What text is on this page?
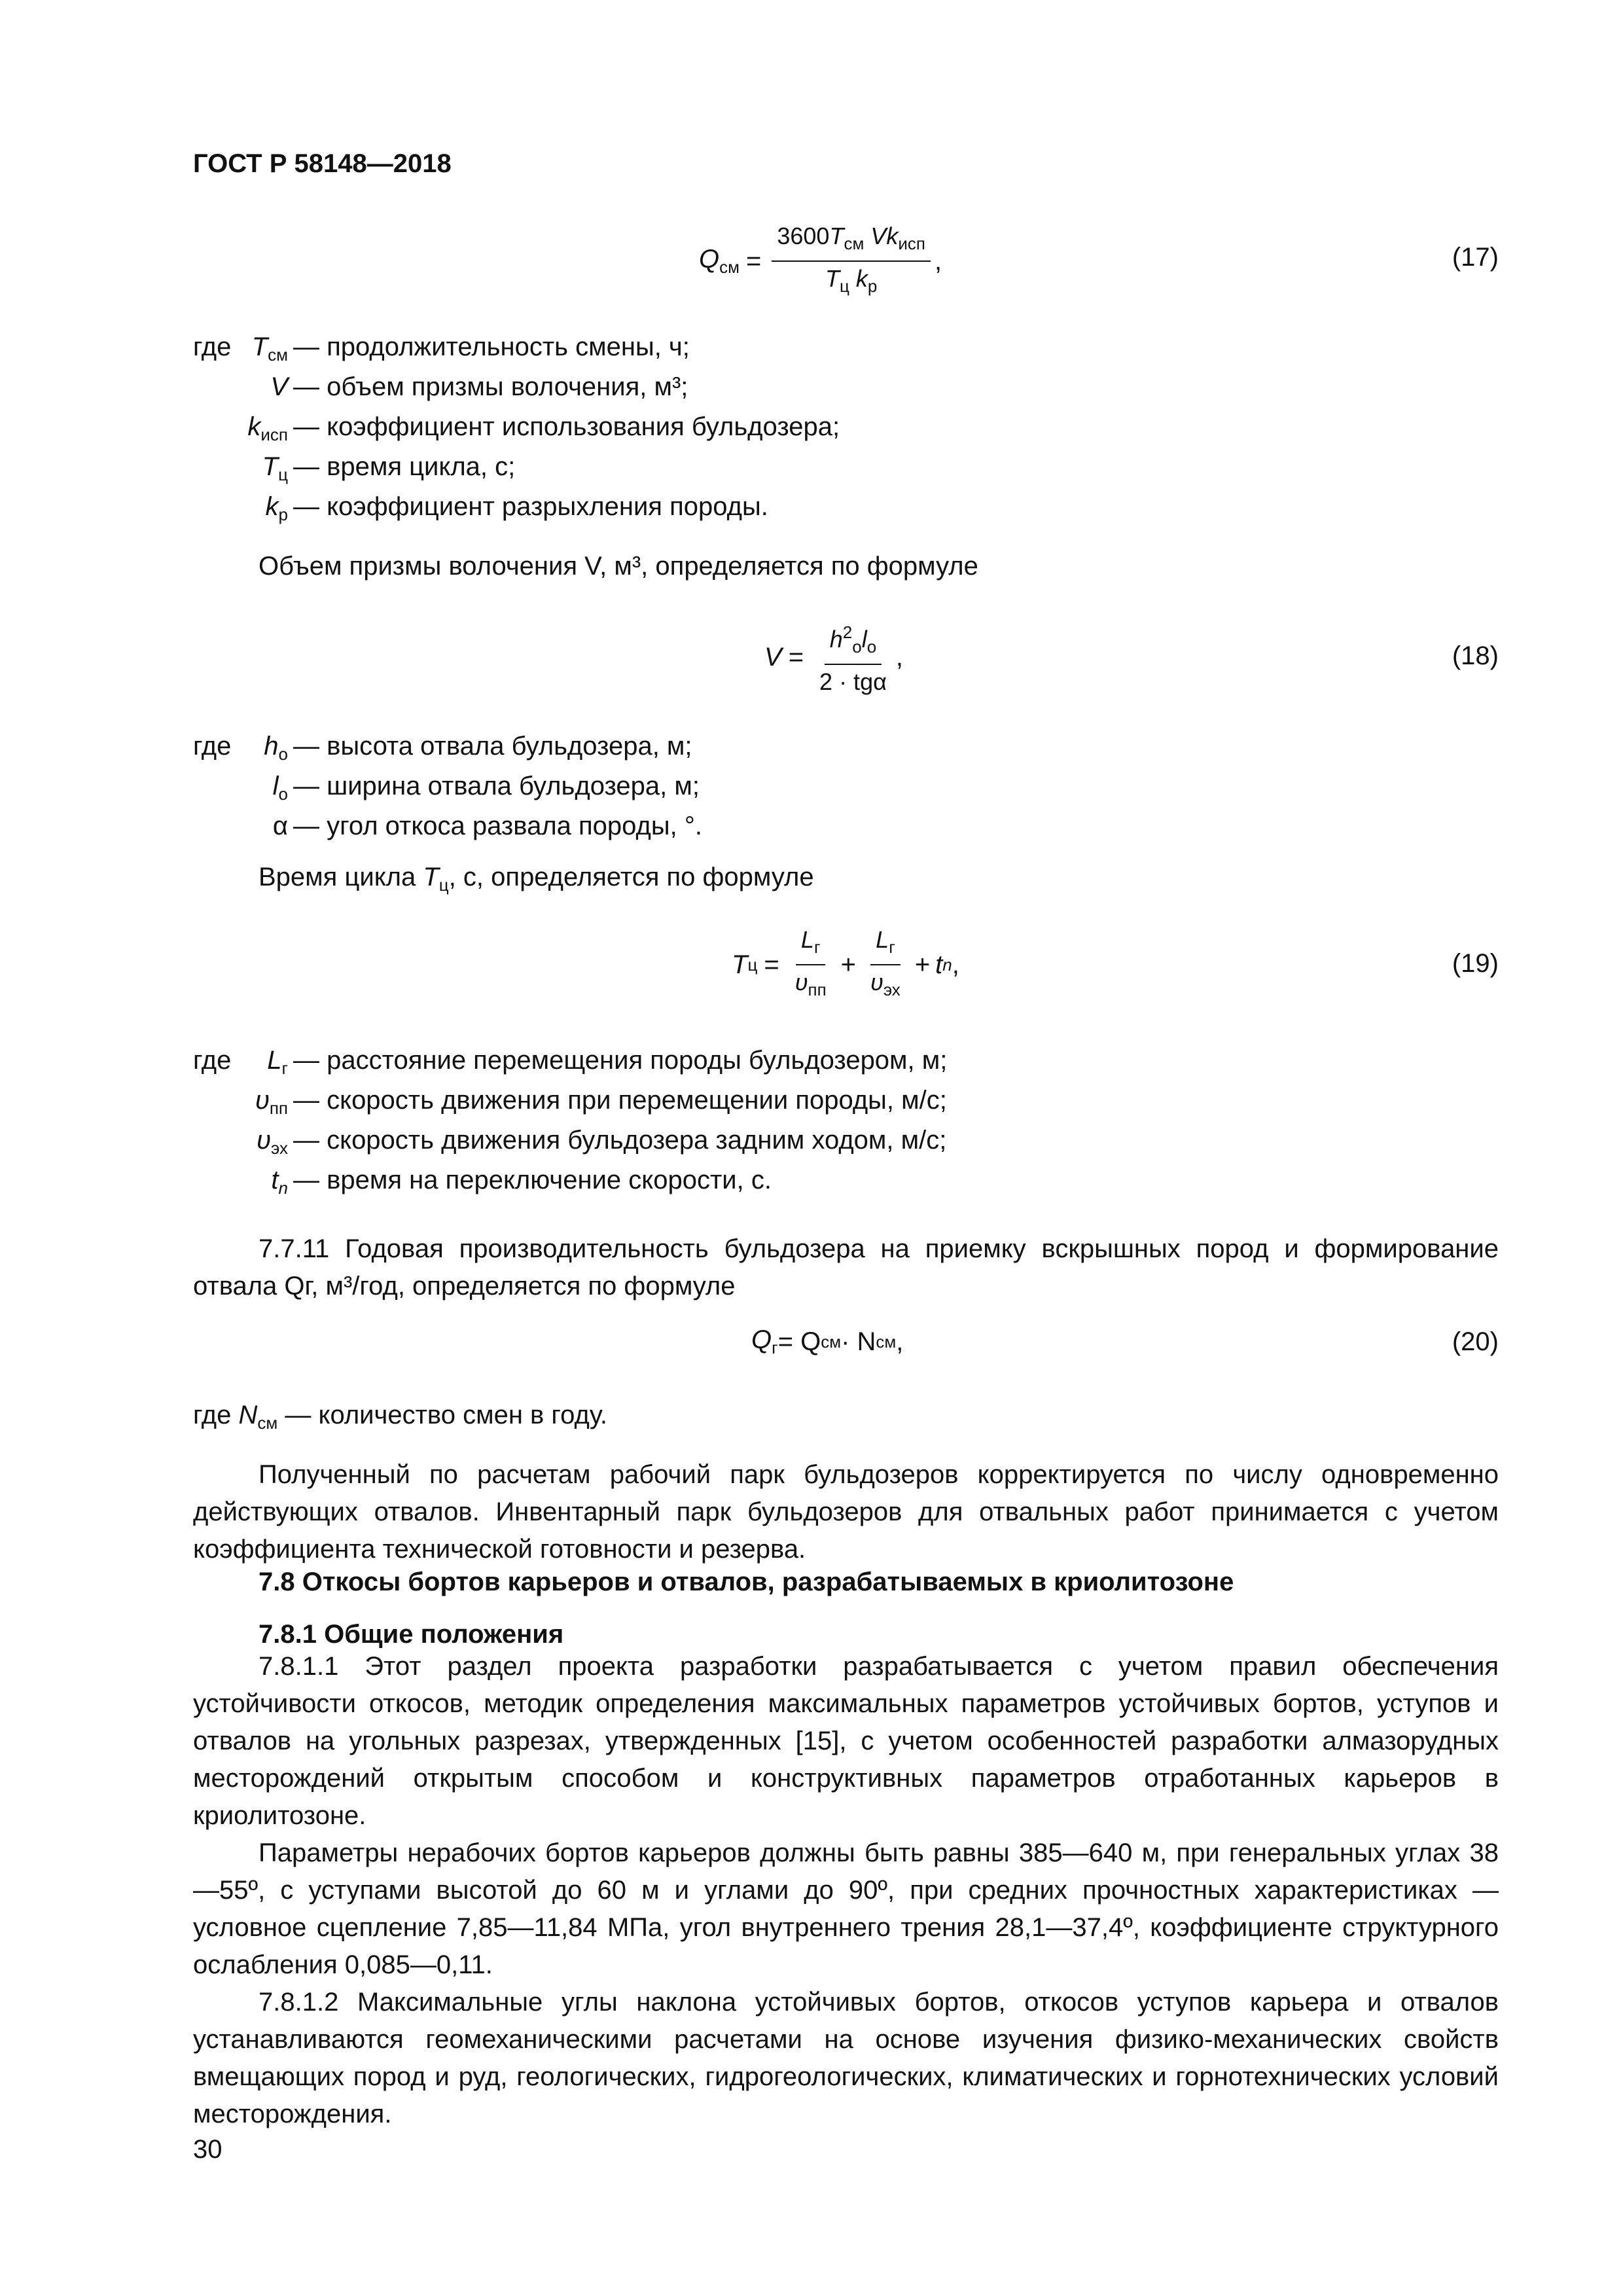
ГОСТ Р 58148—2018
$Q_{см} = \frac{3600T_{см} Vk_{исп}}{T_ц k_р}$ ,	(17)
где $T_{см}$ — продолжительность смены, ч;
V — объем призмы волочения, м³;
$k_{исп}$ — коэффициент использования бульдозера;
$T_ц$ — время цикла, с;
$k_р$ — коэффициент разрыхления породы.
Объем призмы волочения V, м³, определяется по формуле
$V = \frac{h^2_оl_о}{\text{2 · tgα}}$ ,	(18)
где $h_о$ — высота отвала бульдозера, м;
$l_о$ — ширина отвала бульдозера, м;
α — угол откоса развала породы, °.
Время цикла $T_ц$, с, определяется по формуле
T $ц = \frac{L_г}{\upsilon_{пп}} + \frac{L_г}{\upsilon_{эх}} + t$ n ,	(19)
где $L_г$ — расстояние перемещения породы бульдозером, м;
$\upsilon_{пп}$ — скорость движения при перемещении породы, м/с;
$\upsilon_{эх}$ — скорость движения бульдозера задним ходом, м/с;
$t_n$ — время на переключение скорости, с.

7.7.11 Годовая производительность бульдозера на приемку вскрышных пород и формирование отвала Qг, м³/год, определяется по формуле

$Q_г = Q$ см · N см ,	(20)
где $N_{см}$ — количество смен в году.

Полученный по расчетам рабочий парк бульдозеров корректируется по числу одновременно действующих отвалов. Инвентарный парк бульдозеров для отвальных работ принимается с учетом коэффициента технической готовности и резерва.

7.8 Откосы бортов карьеров и отвалов, разрабатываемых в криолитозоне
7.8.1 Общие положения

7.8.1.1 Этот раздел проекта разработки разрабатывается с учетом правил обеспечения устойчивости откосов, методик определения максимальных параметров устойчивых бортов, уступов и отвалов на угольных разрезах, утвержденных [15], с учетом особенностей разработки алмазорудных месторождений открытым способом и конструктивных параметров отработанных карьеров в криолитозоне.

Параметры нерабочих бортов карьеров должны быть равны 385—640 м, при генеральных углах 38—55º, с уступами высотой до 60 м и углами до 90º, при средних прочностных характеристиках — условное сцепление 7,85—11,84 МПа, угол внутреннего трения 28,1—37,4º, коэффициенте структурного ослабления 0,085—0,11.

7.8.1.2 Максимальные углы наклона устойчивых бортов, откосов уступов карьера и отвалов устанавливаются геомеханическими расчетами на основе изучения физико-механических свойств вмещающих пород и руд, геологических, гидрогеологических, климатических и горнотехнических условий месторождения.

30
